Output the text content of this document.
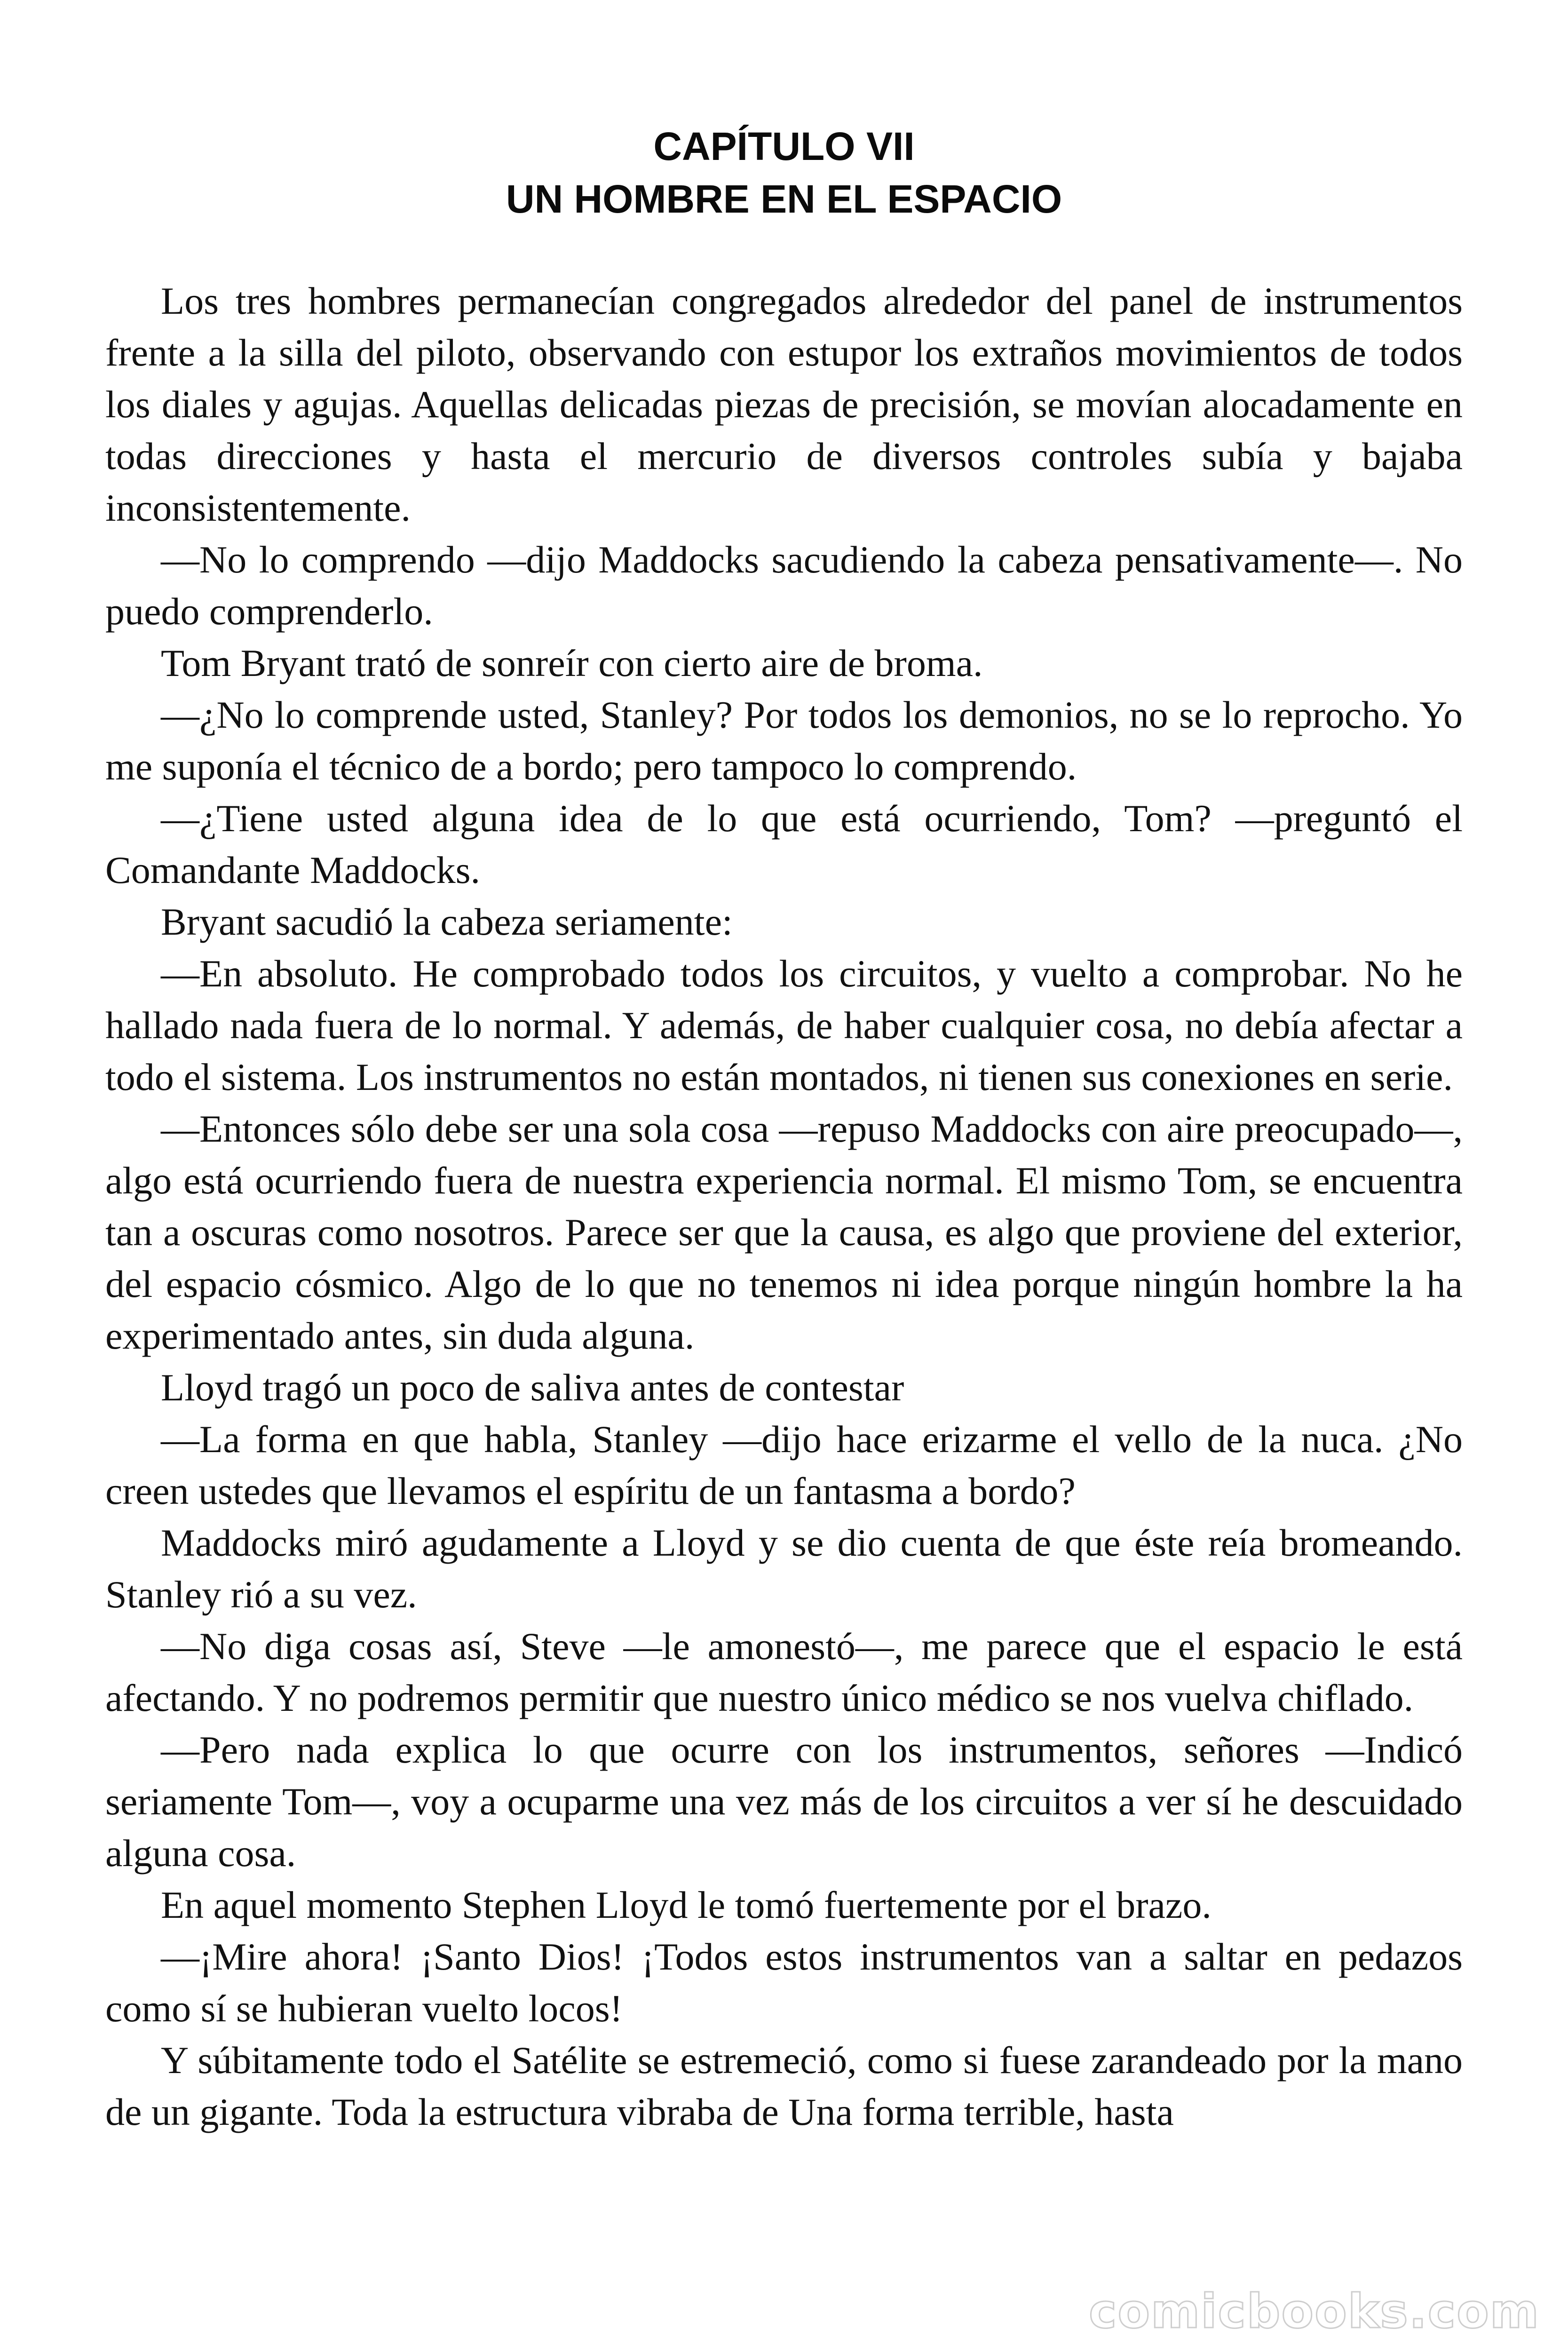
CAPÍTULO VII
UN HOMBRE EN EL ESPACIO

Los tres hombres permanecían congregados alrededor del panel de instrumentos frente a la silla del piloto, observando con estupor los extraños movimientos de todos los diales y agujas. Aquellas delicadas piezas de precisión, se movían alocadamente en todas direcciones y hasta el mercurio de diversos controles subía y bajaba inconsistentemente.

—No lo comprendo —dijo Maddocks sacudiendo la cabeza pensativamente—. No puedo comprenderlo.

Tom Bryant trató de sonreír con cierto aire de broma.

—¿No lo comprende usted, Stanley? Por todos los demonios, no se lo reprocho. Yo me suponía el técnico de a bordo; pero tampoco lo comprendo.

—¿Tiene usted alguna idea de lo que está ocurriendo, Tom? —preguntó el Comandante Maddocks.

Bryant sacudió la cabeza seriamente:

—En absoluto. He comprobado todos los circuitos, y vuelto a comprobar. No he hallado nada fuera de lo normal. Y además, de haber cualquier cosa, no debía afectar a todo el sistema. Los instrumentos no están montados, ni tienen sus conexiones en serie.

—Entonces sólo debe ser una sola cosa —repuso Maddocks con aire preocupado—, algo está ocurriendo fuera de nuestra experiencia normal. El mismo Tom, se encuentra tan a oscuras como nosotros. Parece ser que la causa, es algo que proviene del exterior, del espacio cósmico. Algo de lo que no tenemos ni idea porque ningún hombre la ha experimentado antes, sin duda alguna.

Lloyd tragó un poco de saliva antes de contestar

—La forma en que habla, Stanley —dijo hace erizarme el vello de la nuca. ¿No creen ustedes que llevamos el espíritu de un fantasma a bordo?

Maddocks miró agudamente a Lloyd y se dio cuenta de que éste reía bromeando. Stanley rió a su vez.

—No diga cosas así, Steve —le amonestó—, me parece que el espacio le está afectando. Y no podremos permitir que nuestro único médico se nos vuelva chiflado.

—Pero nada explica lo que ocurre con los instrumentos, señores —Indicó seriamente Tom—, voy a ocuparme una vez más de los circuitos a ver sí he descuidado alguna cosa.

En aquel momento Stephen Lloyd le tomó fuertemente por el brazo.

—¡Mire ahora! ¡Santo Dios! ¡Todos estos instrumentos van a saltar en pedazos como sí se hubieran vuelto locos!

Y súbitamente todo el Satélite se estremeció, como si fuese zarandeado por la mano de un gigante. Toda la estructura vibraba de Una forma terrible, hasta

comicbooks.com
